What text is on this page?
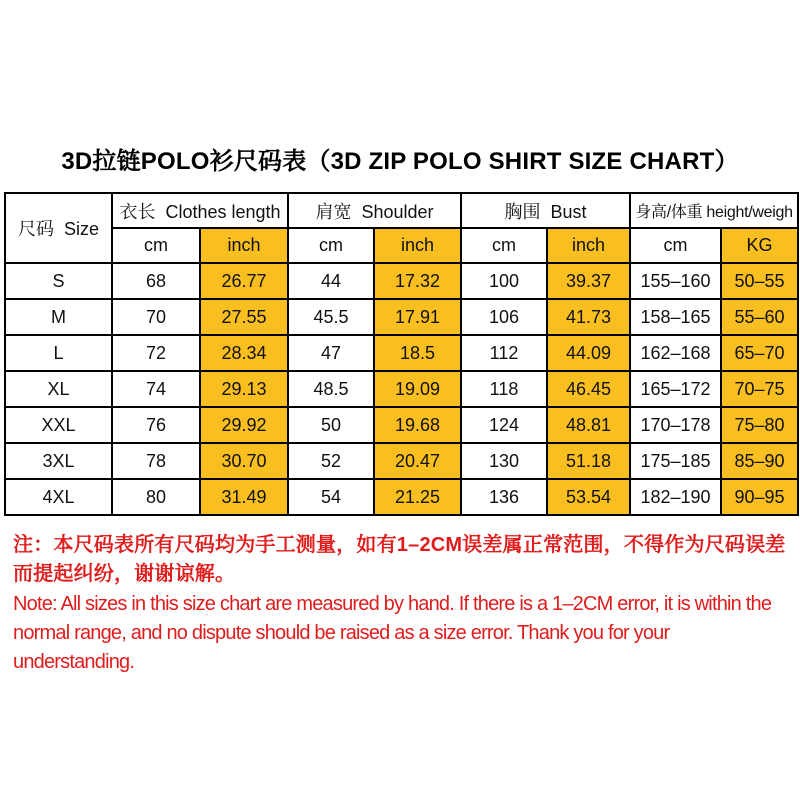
3D拉链POLO衫尺码表（3D ZIP POLO SHIRT SIZE CHART）
尺码  Size	衣长  Clothes length		肩宽  Shoulder		胸围  Bust		身高/体重 height/weigh	
	cm	inch	cm	inch	cm	inch	cm	KG
S	68	26.77	44	17.32	100	39.37	155–160	50–55
M	70	27.55	45.5	17.91	106	41.73	158–165	55–60
L	72	28.34	47	18.5	112	44.09	162–168	65–70
XL	74	29.13	48.5	19.09	118	46.45	165–172	70–75
XXL	76	29.92	50	19.68	124	48.81	170–178	75–80
3XL	78	30.70	52	20.47	130	51.18	175–185	85–90
4XL	80	31.49	54	21.25	136	53.54	182–190	90–95

注：本尺码表所有尺码均为手工测量，如有1–2CM误差属正常范围，不得作为尺码误差而提起纠纷，谢谢谅解。

Note: All sizes in this size chart are measured by hand. If there is a 1–2CM error, it is within the normal range, and no dispute should be raised as a size error. Thank you for your understanding.
